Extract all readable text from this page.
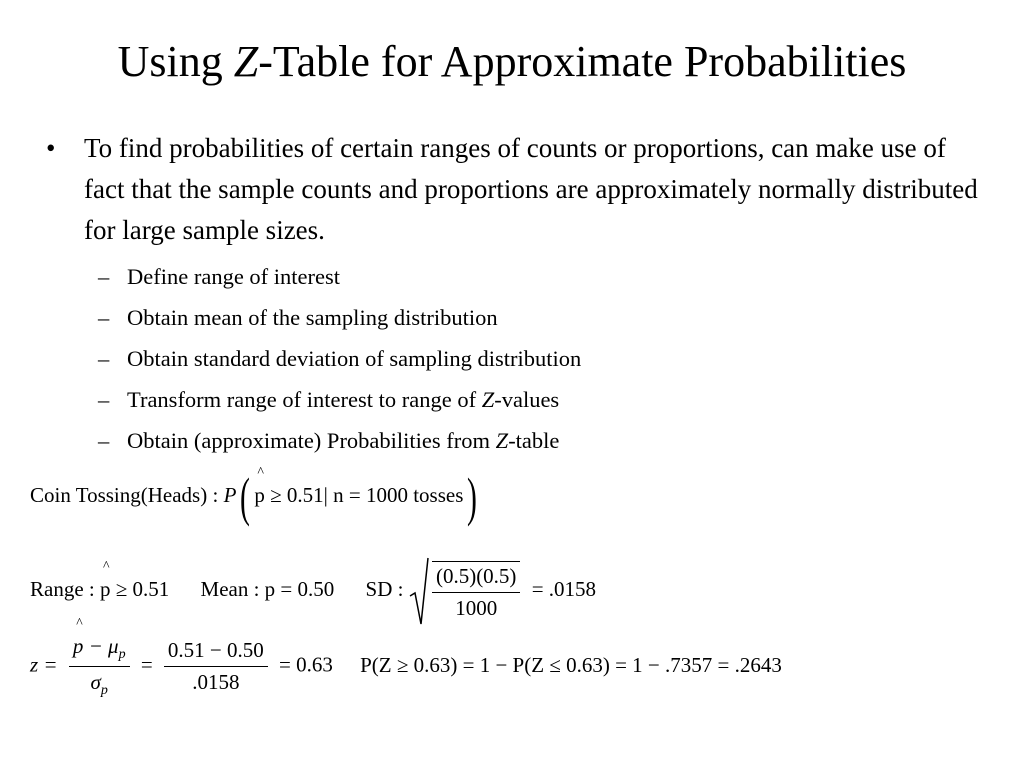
Using Z-Table for Approximate Probabilities
• To find probabilities of certain ranges of counts or proportions, can make use of fact that the sample counts and proportions are approximately normally distributed for large sample sizes.
– Define range of interest
– Obtain mean of the sampling distribution
– Obtain standard deviation of sampling distribution
– Transform range of interest to range of Z-values
– Obtain (approximate) Probabilities from Z-table
Coin Tossing(Heads) : P( ^
p ≥ 0.51| n = 1000 tosses)
Range :
^
p ≥ 0.51 Mean : p = 0.50 SD : $\frac{(0.5)(0.5)}{1000} = .0158$
z = ^
$p - \mu_p$
$\sigma_p = \frac{0.51 - 0.50}{.0158} = 0.63$ P(Z ≥ 0.63) = 1 − P(Z ≤ 0.63) = 1 − .7357 = .2643
